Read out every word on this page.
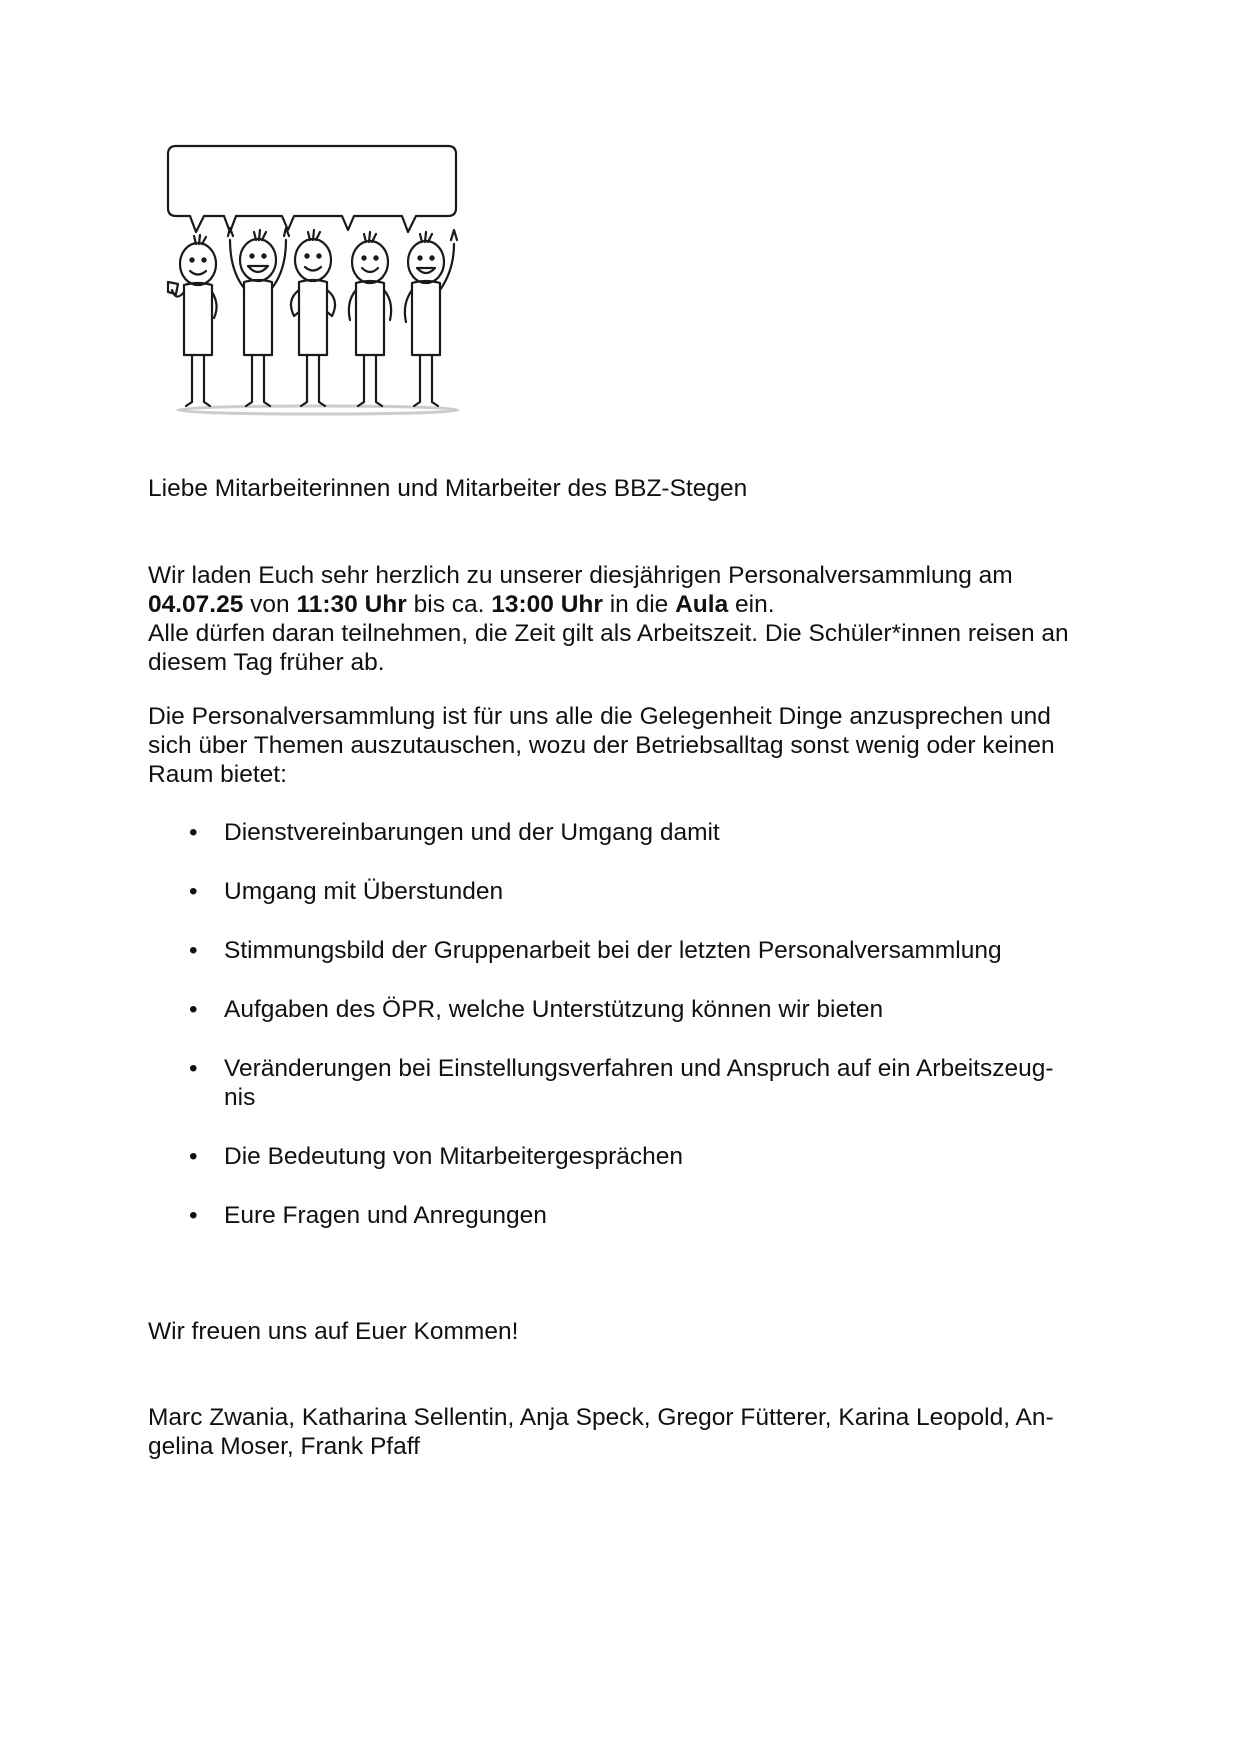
Liebe Mitarbeiterinnen und Mitarbeiter des BBZ-Stegen

Wir laden Euch sehr herzlich zu unserer diesjährigen Personalversammlung am
04.07.25 von 11:30 Uhr bis ca. 13:00 Uhr in die Aula ein.
Alle dürfen daran teilnehmen, die Zeit gilt als Arbeitszeit. Die Schüler*innen reisen an diesem Tag früher ab.

Die Personalversammlung ist für uns alle die Gelegenheit Dinge anzusprechen und sich über Themen auszutauschen, wozu der Betriebsalltag sonst wenig oder keinen Raum bietet:

• Dienstvereinbarungen und der Umgang damit
• Umgang mit Überstunden
• Stimmungsbild der Gruppenarbeit bei der letzten Personalversammlung
• Aufgaben des ÖPR, welche Unterstützung können wir bieten
• Veränderungen bei Einstellungsverfahren und Anspruch auf ein Arbeitszeug-nis
• Die Bedeutung von Mitarbeitergesprächen
• Eure Fragen und Anregungen

Wir freuen uns auf Euer Kommen!

Marc Zwania, Katharina Sellentin, Anja Speck, Gregor Fütterer, Karina Leopold, An-gelina Moser, Frank Pfaff
